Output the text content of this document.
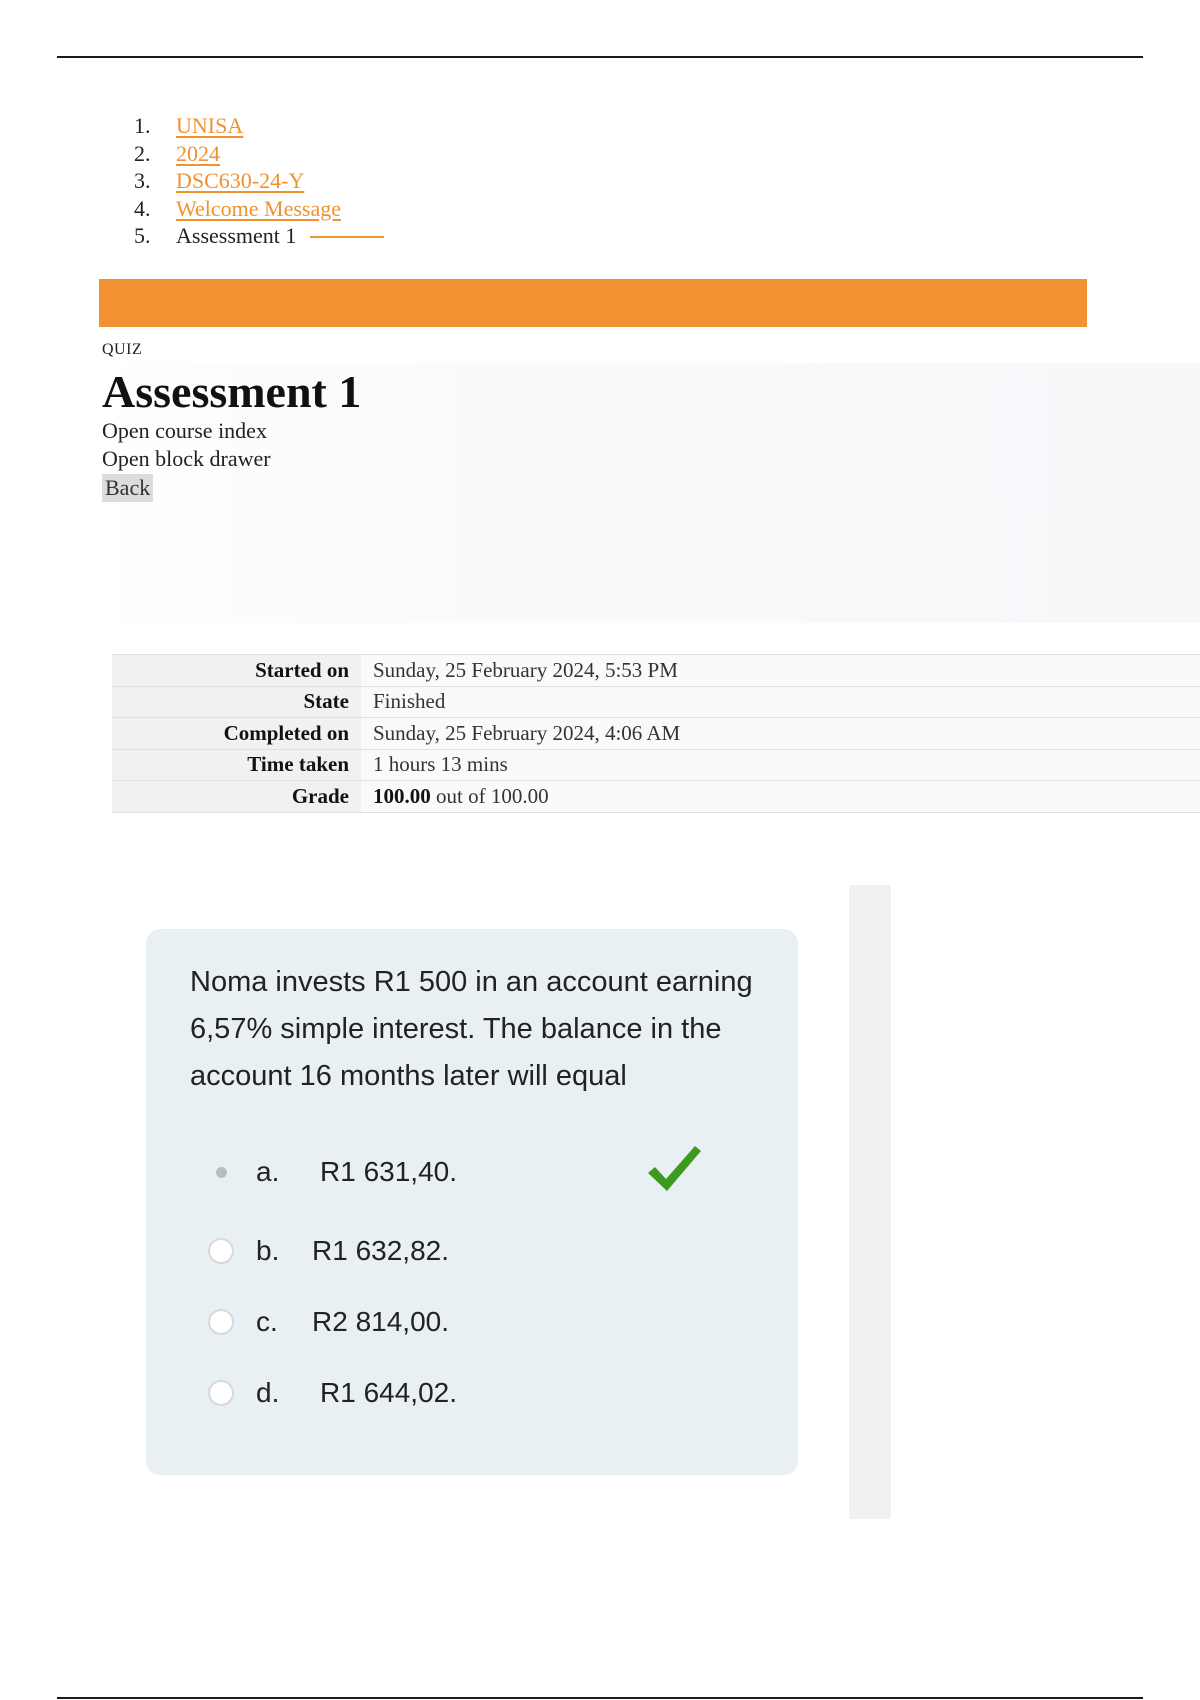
1.	UNISA
2.	2024
3.	DSC630-24-Y
4.	Welcome Message
5.	Assessment 1
QUIZ
Assessment 1
Open course index
Open block drawer
Back
Started on	Sunday, 25 February 2024, 5:53 PM
State	Finished
Completed on	Sunday, 25 February 2024, 4:06 AM
Time taken	1 hours 13 mins
Grade	100.00 out of 100.00
Noma invests R1 500 in an account earning 6,57% simple interest. The balance in the account 16 months later will equal
a.	R1 631,40.
b.	R1 632,82.
c.	R2 814,00.
d.	R1 644,02.
